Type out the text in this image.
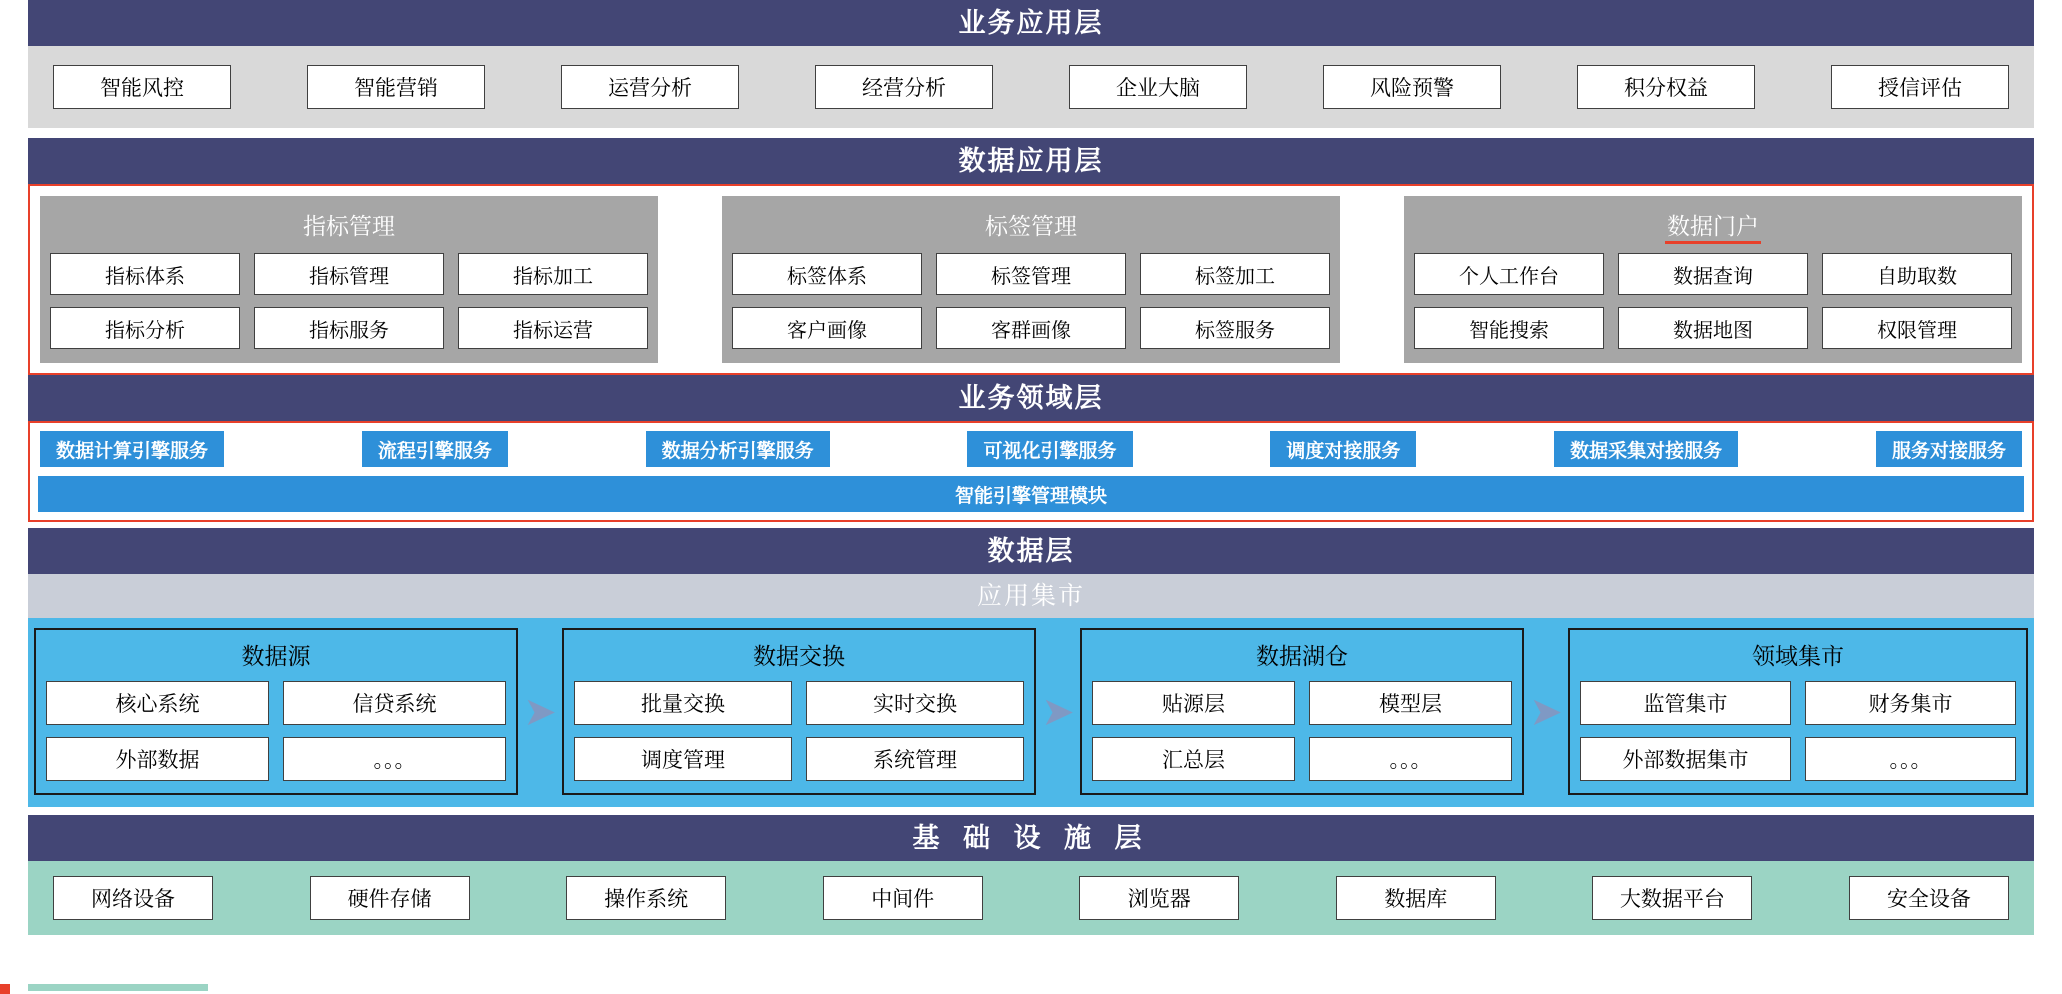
业务应用层
智能风控	智能营销	运营分析	经营分析	企业大脑	风险预警	积分权益	授信评估
数据应用层
指标管理
指标体系	指标管理	指标加工
指标分析	指标服务	指标运营
标签管理
标签体系	标签管理	标签加工
客户画像	客群画像	标签服务
数据门户
个人工作台	数据查询	自助取数
智能搜索	数据地图	权限管理
业务领域层
数据计算引擎服务	流程引擎服务	数据分析引擎服务	可视化引擎服务	调度对接服务	数据采集对接服务	服务对接服务
智能引擎管理模块
数据层
应用集市
数据源
核心系统	信贷系统
外部数据	。。。
➤
数据交换
批量交换	实时交换
调度管理	系统管理
➤
数据湖仓
贴源层	模型层
汇总层	。。。
➤
领域集市
监管集市	财务集市
外部数据集市	。。。
基 础 设 施 层
网络设备	硬件存储	操作系统	中间件	浏览器	数据库	大数据平台	安全设备
